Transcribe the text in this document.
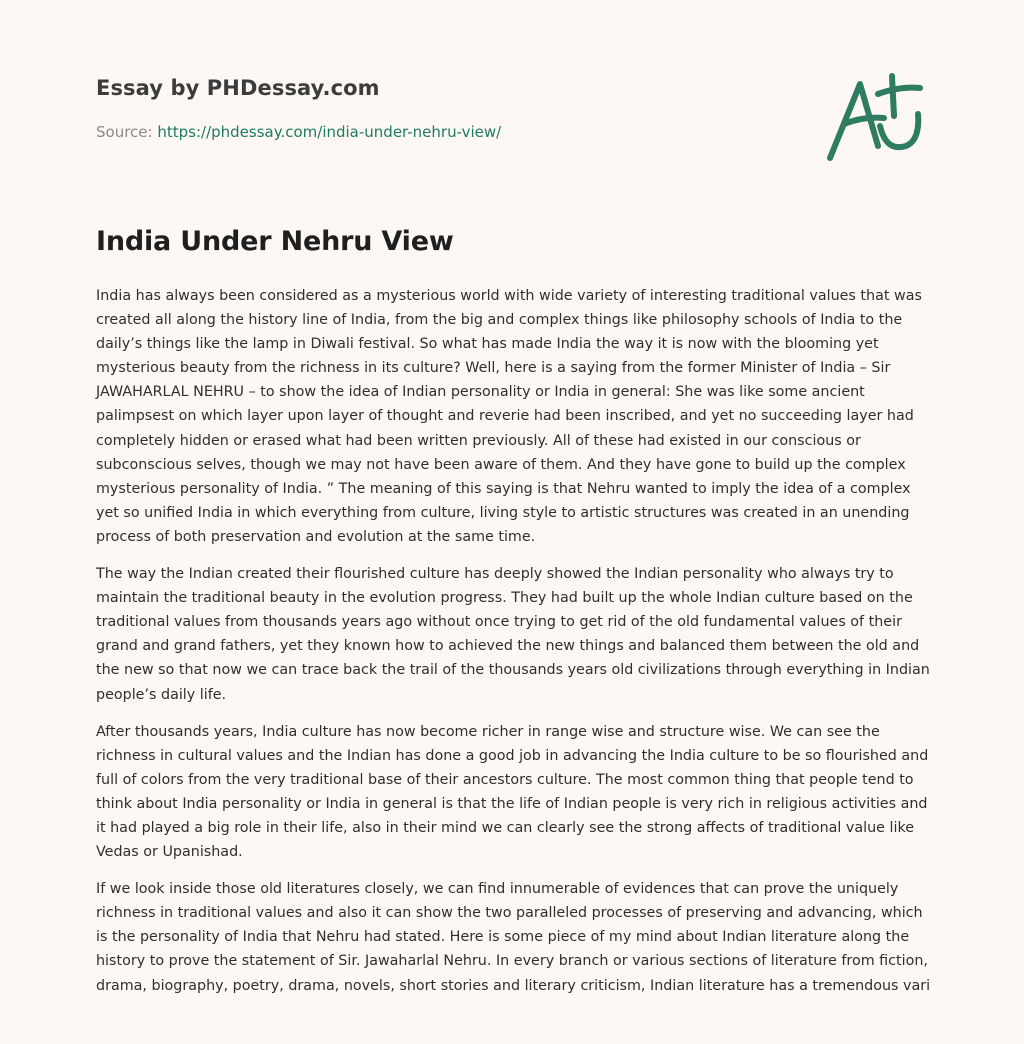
Essay by PHDessay.com
Source: https://phdessay.com/india-under-nehru-view/
India Under Nehru View

India has always been considered as a mysterious world with wide variety of interesting traditional values that was created all along the history line of India, from the big and complex things like philosophy schools of India to the daily’s things like the lamp in Diwali festival. So what has made India the way it is now with the blooming yet mysterious beauty from the richness in its culture? Well, here is a saying from the former Minister of India – Sir JAWAHARLAL NEHRU – to show the idea of Indian personality or India in general: She was like some ancient palimpsest on which layer upon layer of thought and reverie had been inscribed, and yet no succeeding layer had completely hidden or erased what had been written previously. All of these had existed in our conscious or subconscious selves, though we may not have been aware of them. And they have gone to build up the complex mysterious personality of India. ” The meaning of this saying is that Nehru wanted to imply the idea of a complex yet so unified India in which everything from culture, living style to artistic structures was created in an unending process of both preservation and evolution at the same time.

The way the Indian created their flourished culture has deeply showed the Indian personality who always try to maintain the traditional beauty in the evolution progress. They had built up the whole Indian culture based on the traditional values from thousands years ago without once trying to get rid of the old fundamental values of their grand and grand fathers, yet they known how to achieved the new things and balanced them between the old and the new so that now we can trace back the trail of the thousands years old civilizations through everything in Indian people’s daily life.

After thousands years, India culture has now become richer in range wise and structure wise. We can see the richness in cultural values and the Indian has done a good job in advancing the India culture to be so flourished and full of colors from the very traditional base of their ancestors culture. The most common thing that people tend to think about India personality or India in general is that the life of Indian people is very rich in religious activities and it had played a big role in their life, also in their mind we can clearly see the strong affects of traditional value like Vedas or Upanishad.

If we look inside those old literatures closely, we can find innumerable of evidences that can prove the uniquely richness in traditional values and also it can show the two paralleled processes of preserving and advancing, which is the personality of India that Nehru had stated. Here is some piece of my mind about Indian literature along the history to prove the statement of Sir. Jawaharlal Nehru. In every branch or various sections of literature from fiction, drama, biography, poetry, drama, novels, short stories and literary criticism, Indian literature has a tremendous vari
